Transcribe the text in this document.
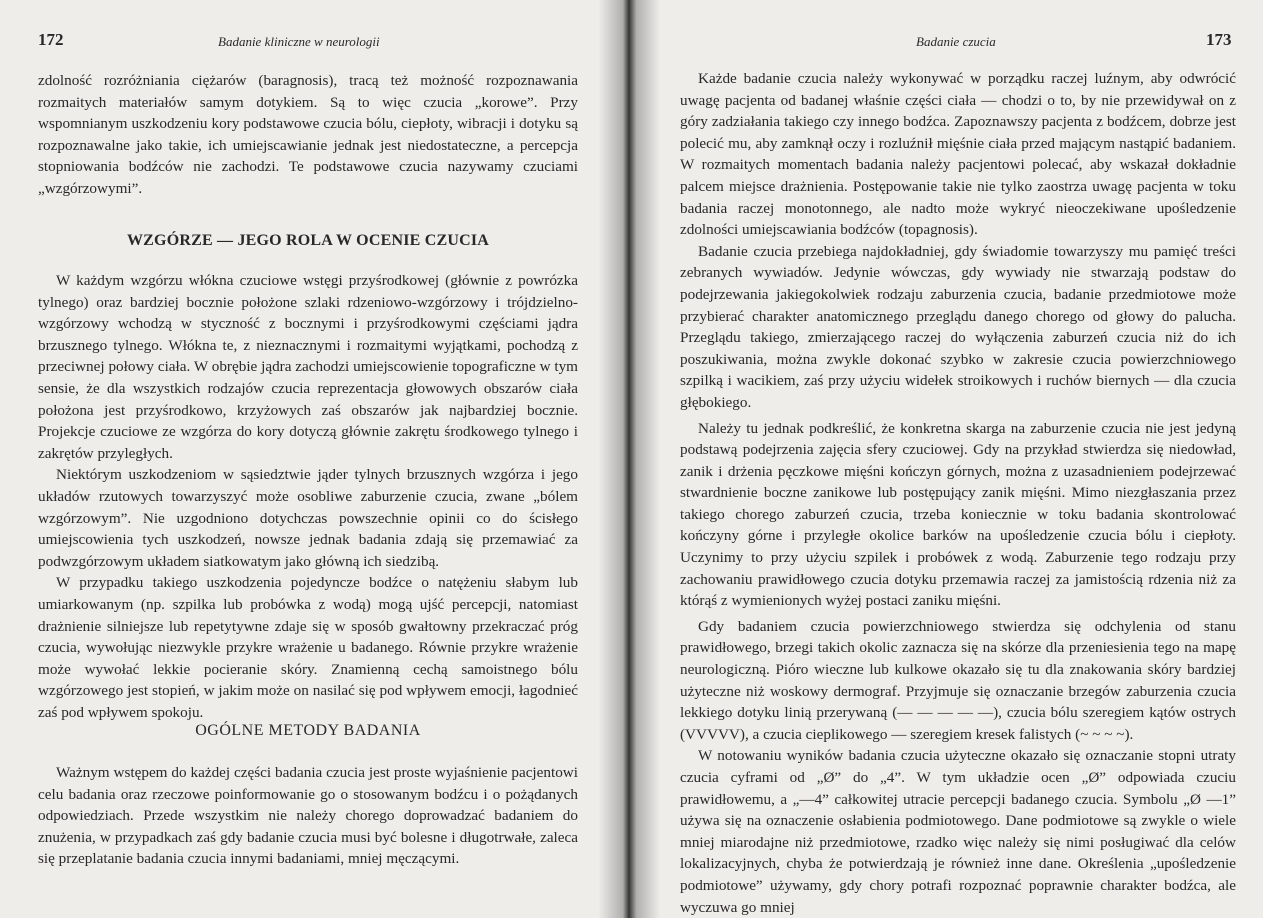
172	Badanie kliniczne w neurologii

zdolność rozróżniania ciężarów (baragnosis), tracą też możność rozpoznawania rozmaitych materiałów samym dotykiem. Są to więc czucia „korowe”. Przy wspomnianym uszkodzeniu kory podstawowe czucia bólu, ciepłoty, wibracji i dotyku są rozpoznawalne jako takie, ich umiejscawianie jednak jest niedostateczne, a percepcja stopniowania bodźców nie zachodzi. Te podstawowe czucia nazywamy czuciami „wzgórzowymi”.

WZGÓRZE — JEGO ROLA W OCENIE CZUCIA

W każdym wzgórzu włókna czuciowe wstęgi przyśrodkowej (głównie z powrózka tylnego) oraz bardziej bocznie położone szlaki rdzeniowo-wzgórzowy i trójdzielno-wzgórzowy wchodzą w styczność z bocznymi i przyśrodkowymi częściami jądra brzusznego tylnego. Włókna te, z nieznacznymi i rozmaitymi wyjątkami, pochodzą z przeciwnej połowy ciała. W obrębie jądra zachodzi umiejscowienie topograficzne w tym sensie, że dla wszystkich rodzajów czucia reprezentacja głowowych obszarów ciała położona jest przyśrodkowo, krzyżowych zaś obszarów jak najbardziej bocznie. Projekcje czuciowe ze wzgórza do kory dotyczą głównie zakrętu środkowego tylnego i zakrętów przyległych.

Niektórym uszkodzeniom w sąsiedztwie jąder tylnych brzusznych wzgórza i jego układów rzutowych towarzyszyć może osobliwe zaburzenie czucia, zwane „bólem wzgórzowym”. Nie uzgodniono dotychczas powszechnie opinii co do ścisłego umiejscowienia tych uszkodzeń, nowsze jednak badania zdają się przemawiać za podwzgórzowym układem siatkowatym jako główną ich siedzibą.

W przypadku takiego uszkodzenia pojedyncze bodźce o natężeniu słabym lub umiarkowanym (np. szpilka lub probówka z wodą) mogą ujść percepcji, natomiast drażnienie silniejsze lub repetytywne zdaje się w sposób gwałtowny przekraczać próg czucia, wywołując niezwykle przykre wrażenie u badanego. Równie przykre wrażenie może wywołać lekkie pocieranie skóry. Znamienną cechą samoistnego bólu wzgórzowego jest stopień, w jakim może on nasilać się pod wpływem emocji, łagodnieć zaś pod wpływem spokoju.

OGÓLNE METODY BADANIA

Ważnym wstępem do każdej części badania czucia jest proste wyjaśnienie pacjentowi celu badania oraz rzeczowe poinformowanie go o stosowanym bodźcu i o pożądanych odpowiedziach. Przede wszystkim nie należy chorego doprowadzać badaniem do znużenia, w przypadkach zaś gdy badanie czucia musi być bolesne i długotrwałe, zaleca się przeplatanie badania czucia innymi badaniami, mniej męczącymi.

Badanie czucia	173

Każde badanie czucia należy wykonywać w porządku raczej luźnym, aby odwrócić uwagę pacjenta od badanej właśnie części ciała — chodzi o to, by nie przewidywał on z góry zadziałania takiego czy innego bodźca. Zapoznawszy pacjenta z bodźcem, dobrze jest polecić mu, aby zamknął oczy i rozluźnił mięśnie ciała przed mającym nastąpić badaniem. W rozmaitych momentach badania należy pacjentowi polecać, aby wskazał dokładnie palcem miejsce drażnienia. Postępowanie takie nie tylko zaostrza uwagę pacjenta w toku badania raczej monotonnego, ale nadto może wykryć nieoczekiwane upośledzenie zdolności umiejscawiania bodźców (topagnosis).

Badanie czucia przebiega najdokładniej, gdy świadomie towarzyszy mu pamięć treści zebranych wywiadów. Jedynie wówczas, gdy wywiady nie stwarzają podstaw do podejrzewania jakiegokolwiek rodzaju zaburzenia czucia, badanie przedmiotowe może przybierać charakter anatomicznego przeglądu danego chorego od głowy do palucha. Przeglądu takiego, zmierzającego raczej do wyłączenia zaburzeń czucia niż do ich poszukiwania, można zwykle dokonać szybko w zakresie czucia powierzchniowego szpilką i wacikiem, zaś przy użyciu widełek stroikowych i ruchów biernych — dla czucia głębokiego.

Należy tu jednak podkreślić, że konkretna skarga na zaburzenie czucia nie jest jedyną podstawą podejrzenia zajęcia sfery czuciowej. Gdy na przykład stwierdza się niedowład, zanik i drżenia pęczkowe mięśni kończyn górnych, można z uzasadnieniem podejrzewać stwardnienie boczne zanikowe lub postępujący zanik mięśni. Mimo niezgłaszania przez takiego chorego zaburzeń czucia, trzeba koniecznie w toku badania skontrolować kończyny górne i przyległe okolice barków na upośledzenie czucia bólu i ciepłoty. Uczynimy to przy użyciu szpilek i probówek z wodą. Zaburzenie tego rodzaju przy zachowaniu prawidłowego czucia dotyku przemawia raczej za jamistością rdzenia niż za którąś z wymienionych wyżej postaci zaniku mięśni.

Gdy badaniem czucia powierzchniowego stwierdza się odchylenia od stanu prawidłowego, brzegi takich okolic zaznacza się na skórze dla przeniesienia tego na mapę neurologiczną. Pióro wieczne lub kulkowe okazało się tu dla znakowania skóry bardziej użyteczne niż woskowy dermograf. Przyjmuje się oznaczanie brzegów zaburzenia czucia lekkiego dotyku linią przerywaną (— — — — —), czucia bólu szeregiem kątów ostrych (VVVVV), a czucia cieplikowego — szeregiem kresek falistych (~ ~ ~ ~).

W notowaniu wyników badania czucia użyteczne okazało się oznaczanie stopni utraty czucia cyframi od „Ø” do „4”. W tym układzie ocen „Ø” odpowiada czuciu prawidłowemu, a „—4” całkowitej utracie percepcji badanego czucia. Symbolu „Ø —1” używa się na oznaczenie osłabienia podmiotowego. Dane podmiotowe są zwykle o wiele mniej miarodajne niż przedmiotowe, rzadko więc należy się nimi posługiwać dla celów lokalizacyjnych, chyba że potwierdzają je również inne dane. Określenia „upośledzenie podmiotowe” używamy, gdy chory potrafi rozpoznać poprawnie charakter bodźca, ale wyczuwa go mniej
